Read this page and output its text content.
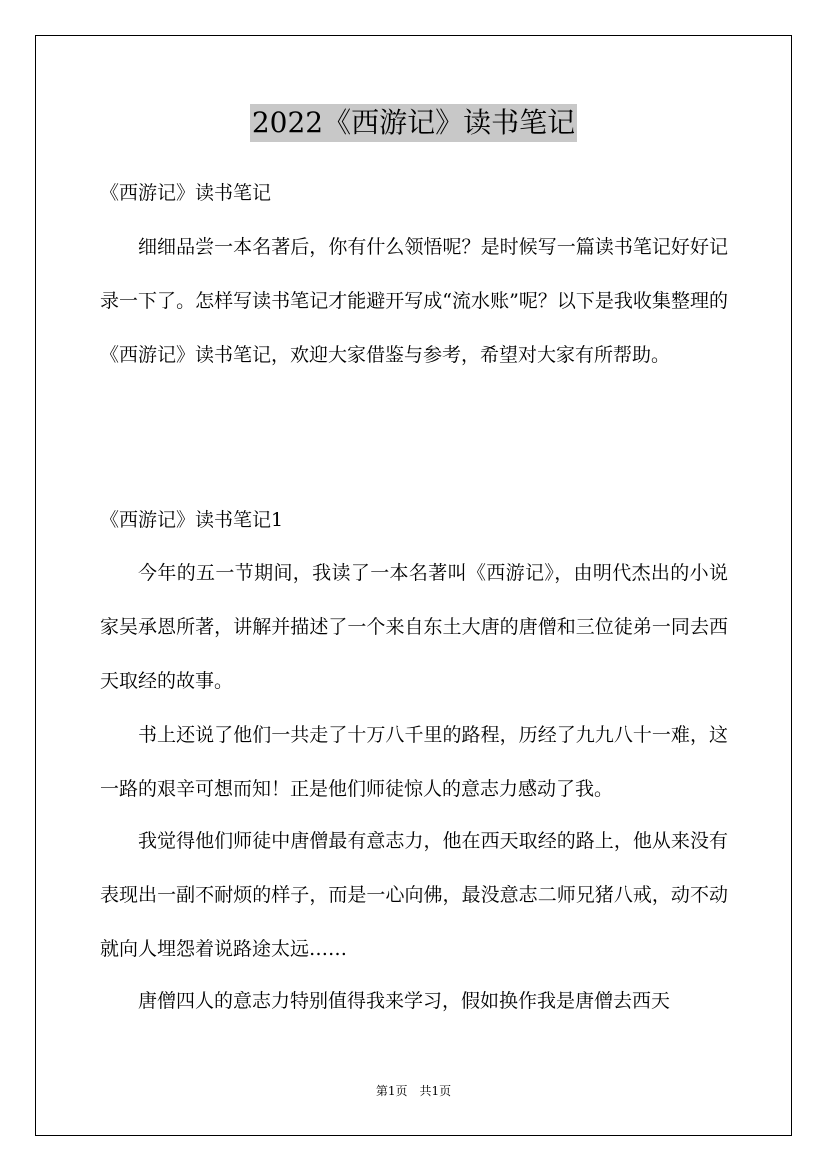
2022《西游记》读书笔记
《西游记》读书笔记

细细品尝一本名著后，你有什么领悟呢？是时候写一篇读书笔记好好记录一下了。怎样写读书笔记才能避开写成“流水账”呢？以下是我收集整理的《西游记》读书笔记，欢迎大家借鉴与参考，希望对大家有所帮助。

《西游记》读书笔记1

今年的五一节期间，我读了一本名著叫《西游记》，由明代杰出的小说家吴承恩所著，讲解并描述了一个来自东土大唐的唐僧和三位徒弟一同去西天取经的故事。

书上还说了他们一共走了十万八千里的路程，历经了九九八十一难，这一路的艰辛可想而知！正是他们师徒惊人的意志力感动了我。

我觉得他们师徒中唐僧最有意志力，他在西天取经的路上，他从来没有表现出一副不耐烦的样子，而是一心向佛，最没意志二师兄猪八戒，动不动就向人埋怨着说路途太远……

唐僧四人的意志力特别值得我来学习，假如换作我是唐僧去西天

第1页　共1页
